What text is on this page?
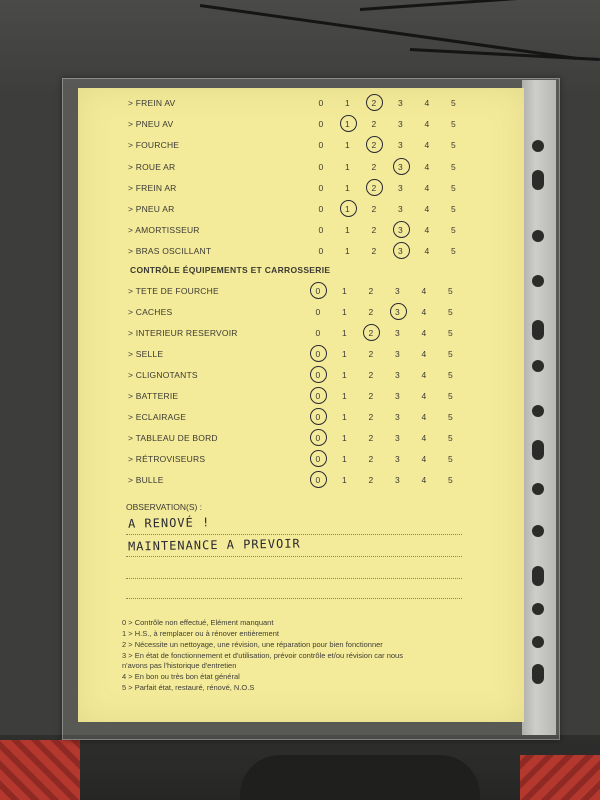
> FREIN AV	0	1	2	3	4	5
> PNEU AV	0	1	2	3	4	5
> FOURCHE	0	1	2	3	4	5
> ROUE AR	0	1	2	3	4	5
> FREIN AR	0	1	2	3	4	5
> PNEU AR	0	1	2	3	4	5
> AMORTISSEUR	0	1	2	3	4	5
> BRAS OSCILLANT	0	1	2	3	4	5
CONTRÔLE ÉQUIPEMENTS ET CARROSSERIE
> TETE DE FOURCHE	0	1	2	3	4	5
> CACHES	0	1	2	3	4	5
> INTERIEUR RESERVOIR	0	1	2	3	4	5
> SELLE	0	1	2	3	4	5
> CLIGNOTANTS	0	1	2	3	4	5
> BATTERIE	0	1	2	3	4	5
> ECLAIRAGE	0	1	2	3	4	5
> TABLEAU DE BORD	0	1	2	3	4	5
> RÉTROVISEURS	0	1	2	3	4	5
> BULLE	0	1	2	3	4	5
OBSERVATION(S) :
A RENOVÉ !
MAINTENANCE A PREVOIR
0 > Contrôle non effectué, Elément manquant
1 > H.S., à remplacer ou à rénover entièrement
2 > Nécessite un nettoyage, une révision, une réparation pour bien fonctionner
3 > En état de fonctionnement et d'utilisation, prévoir contrôle et/ou révision car nous
n'avons pas l'historique d'entretien
4 > En bon ou très bon état général
5 > Parfait état, restauré, rénové, N.O.S
